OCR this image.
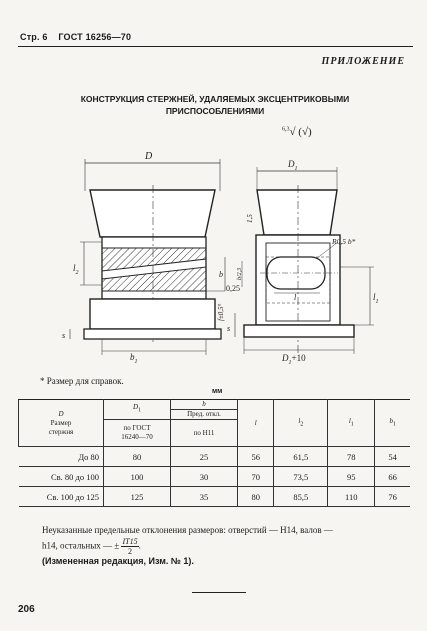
Стр. 6 ГОСТ 16256—70
ПРИЛОЖЕНИЕ
КОНСТРУКЦИЯ СТЕРЖНЕЙ, УДАЛЯЕМЫХ ЭКСЦЕНТРИКОВЫМИ
ПРИСПОСОБЛЕНИЯМИ
$^{6,3}$√ (√)
D
$l_2$
0,25
f±0,5°
s
$b_1$
$D_1$
1,5
R0,5 b*
b b/2,3
l	$l_1$
s
$D_1+10$
* Размер для справок.
мм
D
Размер
стержня	$D_1$	b	l	$l_2$	$l_1$	$b_1$
		Пред. откл.				
	по ГОСТ
16240—70	по H11				
До 80	80	25	56	61,5	78	54
Св. 80 до 100	100	30	70	73,5	95	66
Св. 100 до 125	125	35	80	85,5	110	76
Неуказанные предельные отклонения размеров: отверстий — H14, валов —
h14, остальных — ± $\frac{IT15}{2}$ .
(Измененная редакция, Изм. № 1).
206
